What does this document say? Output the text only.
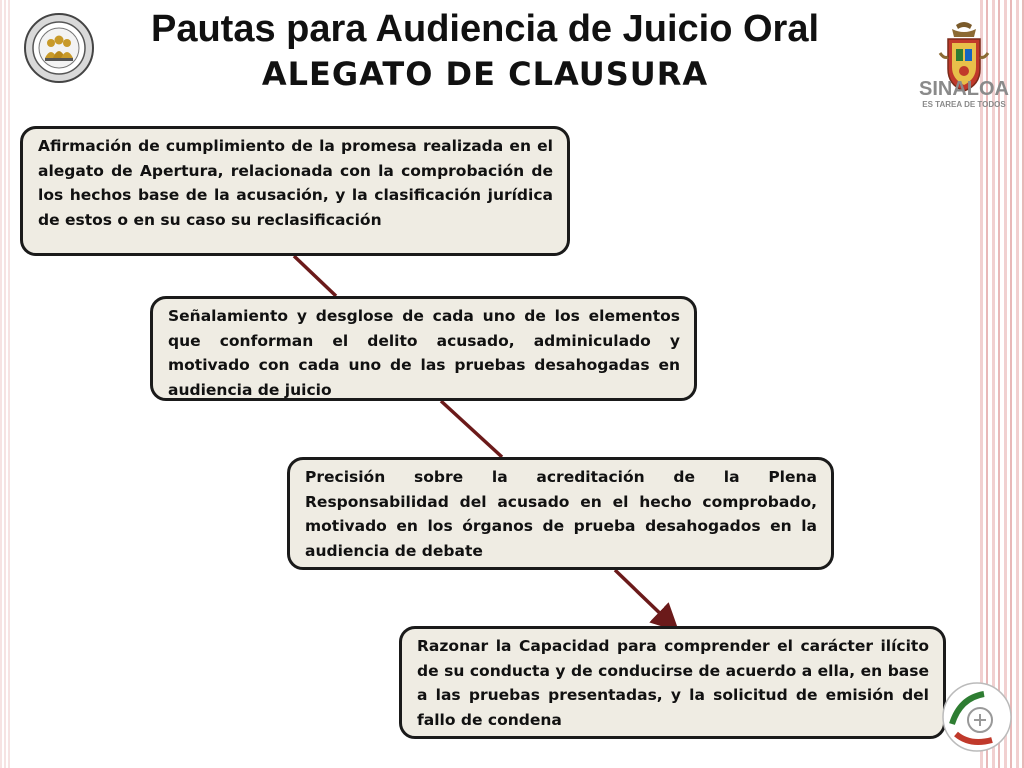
Pautas para Audiencia de Juicio Oral
ALEGATO DE CLAUSURA	SINALOA
ES TAREA DE TODOS
Afirmación de cumplimiento de la promesa realizada en el alegato de Apertura, relacionada con la comprobación de los hechos base de la acusación, y la clasificación jurídica de estos o en su caso su reclasificación
Señalamiento y desglose de cada uno de los elementos que conforman el delito acusado, adminiculado y motivado con cada uno de las pruebas desahogadas en audiencia de juicio
Precisión sobre la acreditación de la Plena Responsabilidad del acusado en el hecho comprobado, motivado en los órganos de prueba desahogados en la audiencia de debate
Razonar la Capacidad para comprender el carácter ilícito de su conducta y de conducirse de acuerdo a ella, en base a las pruebas presentadas, y la solicitud de emisión del fallo de condena
